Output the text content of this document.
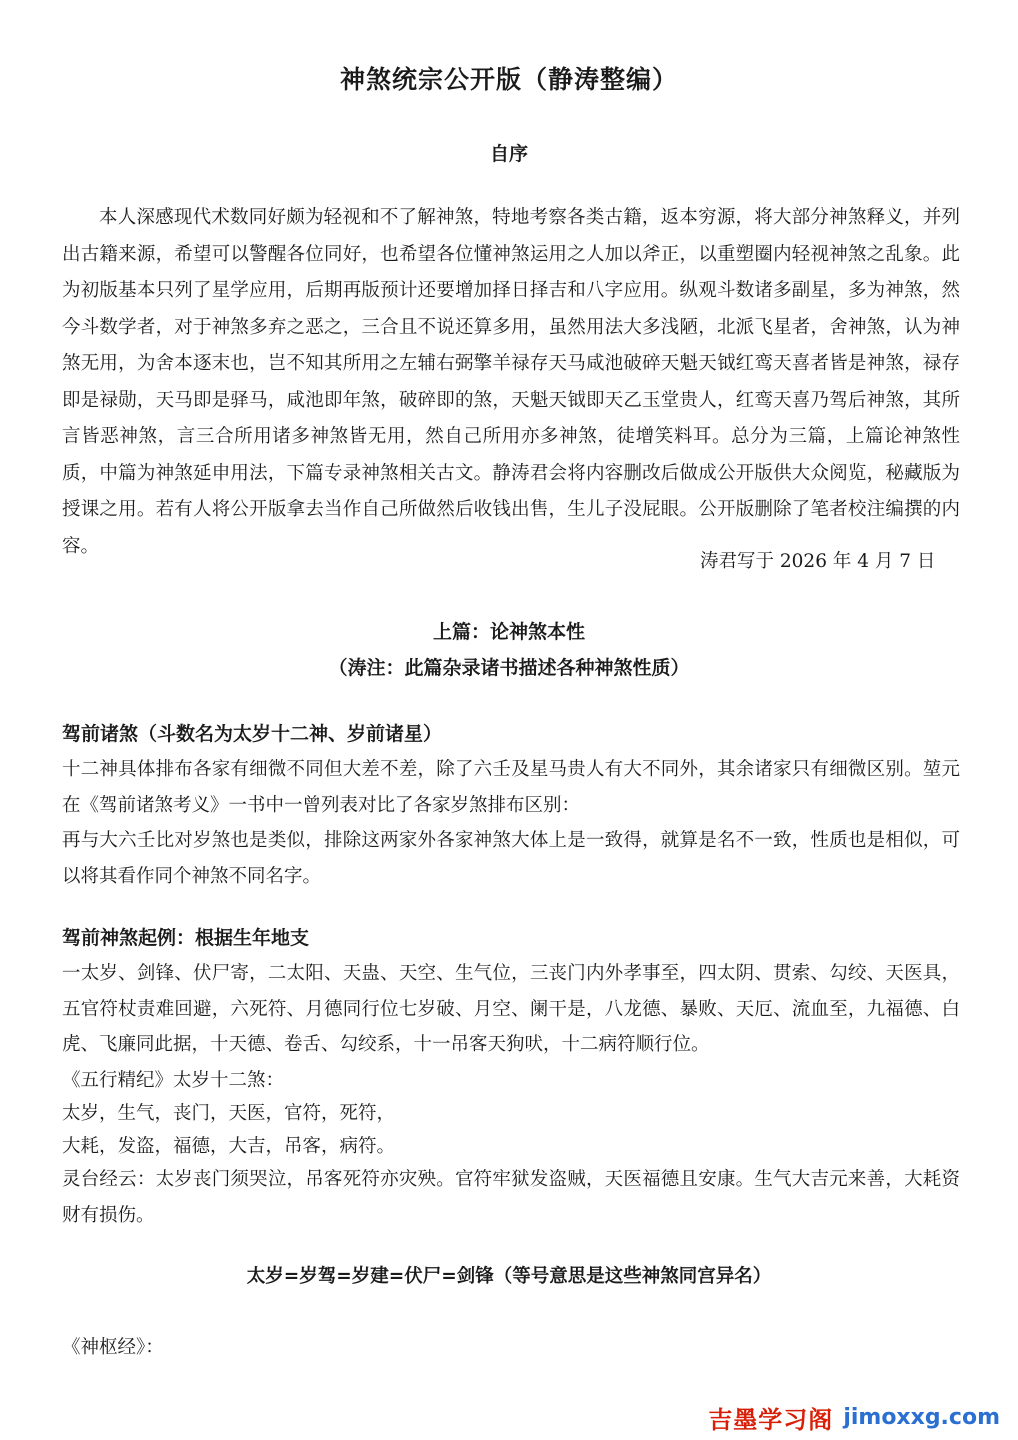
神煞统宗公开版（静涛整编）
自序
本人深感现代术数同好颇为轻视和不了解神煞，特地考察各类古籍，返本穷源，将大部分神煞释义，并列出古籍来源，希望可以警醒各位同好，也希望各位懂神煞运用之人加以斧正，以重塑圈内轻视神煞之乱象。此为初版基本只列了星学应用，后期再版预计还要增加择日择吉和八字应用。纵观斗数诸多副星，多为神煞，然今斗数学者，对于神煞多弃之恶之，三合且不说还算多用，虽然用法大多浅陋，北派飞星者，舍神煞，认为神煞无用，为舍本逐末也，岂不知其所用之左辅右弼擎羊禄存天马咸池破碎天魁天钺红鸾天喜者皆是神煞，禄存即是禄勋，天马即是驿马，咸池即年煞，破碎即的煞，天魁天钺即天乙玉堂贵人，红鸾天喜乃驾后神煞，其所言皆恶神煞，言三合所用诸多神煞皆无用，然自己所用亦多神煞，徒增笑料耳。总分为三篇，上篇论神煞性质，中篇为神煞延申用法，下篇专录神煞相关古文。静涛君会将内容删改后做成公开版供大众阅览，秘藏版为授课之用。若有人将公开版拿去当作自己所做然后收钱出售，生儿子没屁眼。公开版删除了笔者校注编撰的内容。
涛君写于 2026 年 4 月 7 日
上篇：论神煞本性
（涛注：此篇杂录诸书描述各种神煞性质）
驾前诸煞（斗数名为太岁十二神、岁前诸星）
十二神具体排布各家有细微不同但大差不差，除了六壬及星马贵人有大不同外，其余诸家只有细微区别。堃元在《驾前诸煞考义》一书中一曾列表对比了各家岁煞排布区别：
再与大六壬比对岁煞也是类似，排除这两家外各家神煞大体上是一致得，就算是名不一致，性质也是相似，可以将其看作同个神煞不同名字。
驾前神煞起例：根据生年地支
一太岁、剑锋、伏尸寄，二太阳、天蛊、天空、生气位，三丧门内外孝事至，四太阴、贯索、勾绞、天医具，五官符杖责难回避，六死符、月德同行位七岁破、月空、阑干是，八龙德、暴败、天厄、流血至，九福德、白虎、飞廉同此据，十天德、卷舌、勾绞系，十一吊客天狗吠，十二病符顺行位。
《五行精纪》太岁十二煞：
太岁，生气，丧门，天医，官符，死符，
大耗，发盗，福德，大吉，吊客，病符。
灵台经云：太岁丧门须哭泣，吊客死符亦灾殃。官符牢狱发盗贼，天医福德且安康。生气大吉元来善，大耗资财有损伤。
太岁=岁驾=岁建=伏尸=剑锋（等号意思是这些神煞同宫异名）
《神枢经》：
吉墨学习阁 jimoxxg.com
